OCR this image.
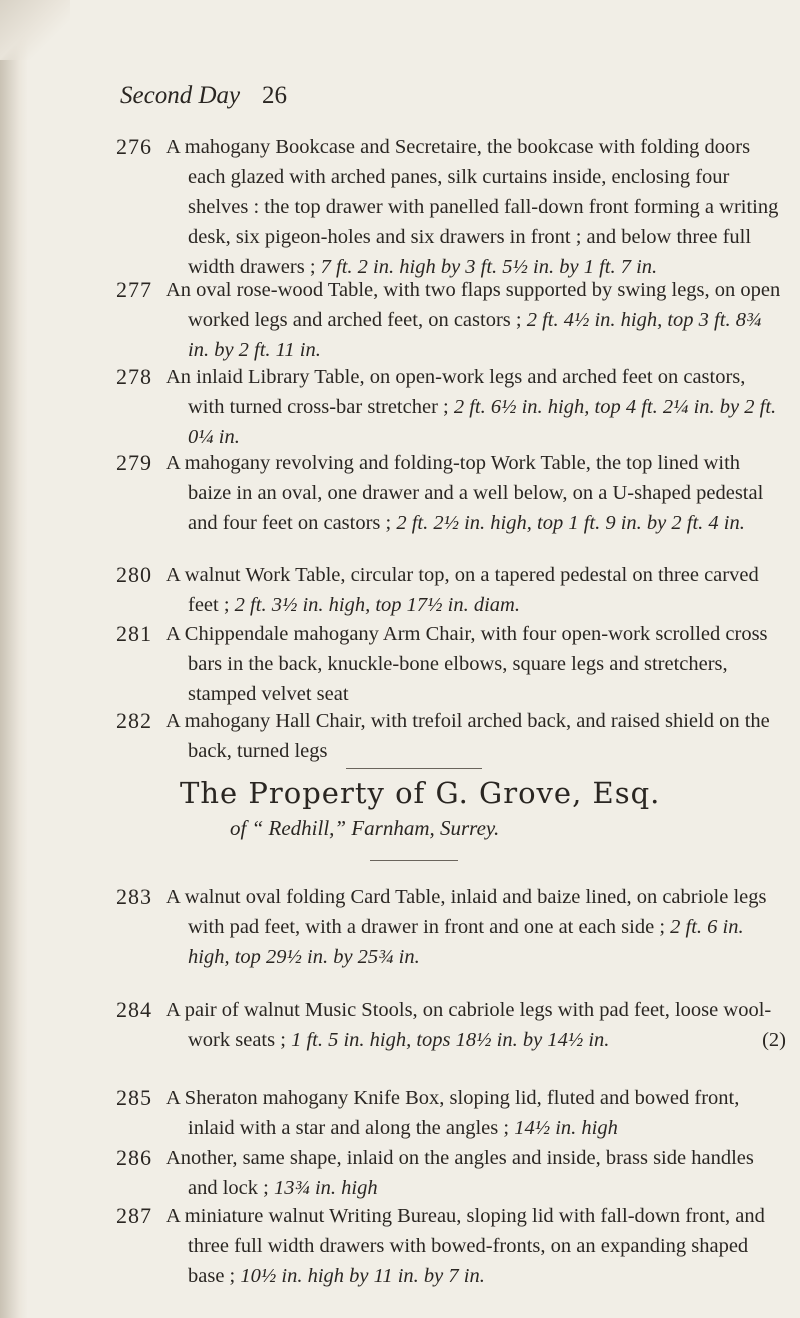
Second Day 26
276 A mahogany Bookcase and Secretaire, the bookcase with folding doors each glazed with arched panes, silk curtains inside, enclosing four shelves : the top drawer with panelled fall-down front forming a writing desk, six pigeon-holes and six drawers in front ; and below three full width drawers ; 7 ft. 2 in. high by 3 ft. 5½ in. by 1 ft. 7 in.
277 An oval rose-wood Table, with two flaps supported by swing legs, on open worked legs and arched feet, on castors ; 2 ft. 4½ in. high, top 3 ft. 8¾ in. by 2 ft. 11 in.
278 An inlaid Library Table, on open-work legs and arched feet on castors, with turned cross-bar stretcher ; 2 ft. 6½ in. high, top 4 ft. 2¼ in. by 2 ft. 0¼ in.
279 A mahogany revolving and folding-top Work Table, the top lined with baize in an oval, one drawer and a well below, on a U-shaped pedestal and four feet on castors ; 2 ft. 2½ in. high, top 1 ft. 9 in. by 2 ft. 4 in.
280 A walnut Work Table, circular top, on a tapered pedestal on three carved feet ; 2 ft. 3½ in. high, top 17½ in. diam.
281 A Chippendale mahogany Arm Chair, with four open-work scrolled cross bars in the back, knuckle-bone elbows, square legs and stretchers, stamped velvet seat
282 A mahogany Hall Chair, with trefoil arched back, and raised shield on the back, turned legs
The Property of G. Grove, Esq.
of “ Redhill,” Farnham, Surrey.
283 A walnut oval folding Card Table, inlaid and baize lined, on cabriole legs with pad feet, with a drawer in front and one at each side ; 2 ft. 6 in. high, top 29½ in. by 25¾ in.
284 A pair of walnut Music Stools, on cabriole legs with pad feet, loose wool-work seats ; 1 ft. 5 in. high, tops 18½ in. by 14½ in.	(2)
285 A Sheraton mahogany Knife Box, sloping lid, fluted and bowed front, inlaid with a star and along the angles ; 14½ in. high
286 Another, same shape, inlaid on the angles and inside, brass side handles and lock ; 13¾ in. high
287 A miniature walnut Writing Bureau, sloping lid with fall-down front, and three full width drawers with bowed-fronts, on an expanding shaped base ; 10½ in. high by 11 in. by 7 in.
